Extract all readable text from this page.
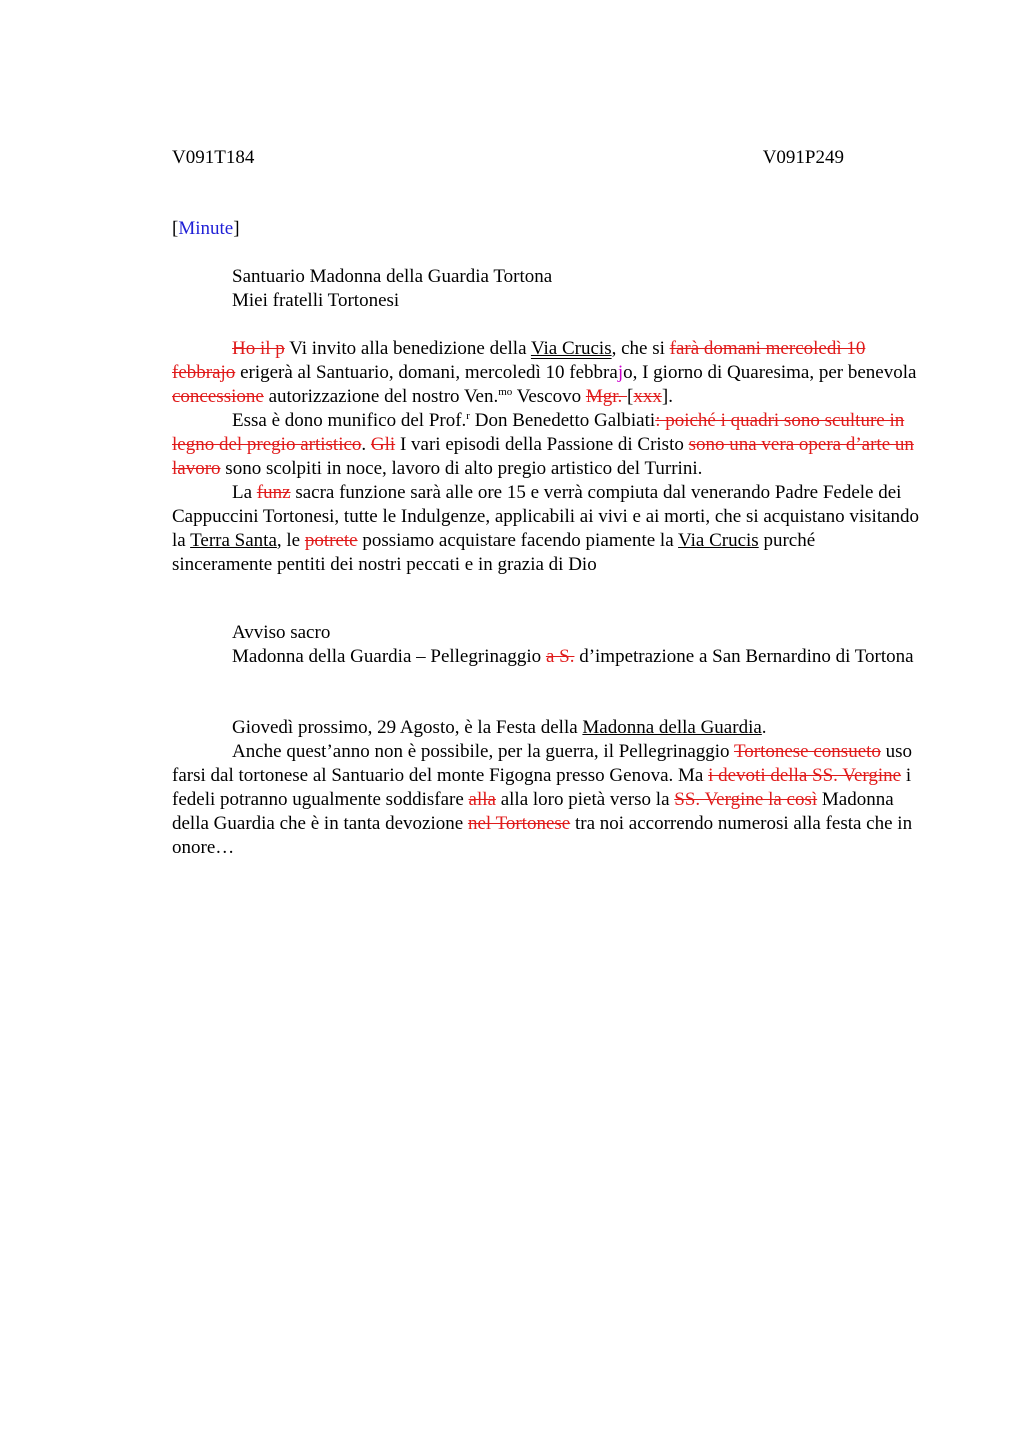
V091T184	V091P249
[Minute]
Santuario Madonna della Guardia Tortona
Miei fratelli Tortonesi

Ho il p Vi invito alla benedizione della Via Crucis, che si farà domani mercoledì 10 febbrajo erigerà al Santuario, domani, mercoledì 10 febbrajo, I giorno di Quaresima, per benevola concessione autorizzazione del nostro Ven.$^{mo}$ Vescovo Mgr. [xxx].

Essa è dono munifico del Prof.$^r$ Don Benedetto Galbiati: poiché i quadri sono sculture in legno del pregio artistico. Gli I vari episodi della Passione di Cristo sono una vera opera d’arte un lavoro sono scolpiti in noce, lavoro di alto pregio artistico del Turrini.

La funz sacra funzione sarà alle ore 15 e verrà compiuta dal venerando Padre Fedele dei Cappuccini Tortonesi, tutte le Indulgenze, applicabili ai vivi e ai morti, che si acquistano visitando la Terra Santa, le potrete possiamo acquistare facendo piamente la Via Crucis purché sinceramente pentiti dei nostri peccati e in grazia di Dio

Avviso sacro

Madonna della Guardia – Pellegrinaggio a S. d’impetrazione a San Bernardino di Tortona

Giovedì prossimo, 29 Agosto, è la Festa della Madonna della Guardia.

Anche quest’anno non è possibile, per la guerra, il Pellegrinaggio Tortonese consueto uso farsi dal tortonese al Santuario del monte Figogna presso Genova. Ma i devoti della SS. Vergine i fedeli potranno ugualmente soddisfare alla alla loro pietà verso la SS. Vergine la così Madonna della Guardia che è in tanta devozione nel Tortonese tra noi accorrendo numerosi alla festa che in onore…
